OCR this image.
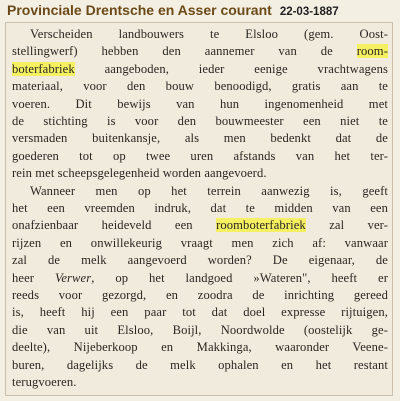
Provinciale Drentsche en Asser courant 22-03-1887
Verscheiden landbouwers te Elsloo (gem. Oost-
stellingwerf) hebben den aannemer van de room-
boterfabriek aangeboden, ieder eenige vrachtwagens
materiaal, voor den bouw benoodigd, gratis aan te
voeren. Dit bewijs van hun ingenomenheid met
de stichting is voor den bouwmeester een niet te
versmaden buitenkansje, als men bedenkt dat de
goederen tot op twee uren afstands van het ter-
rein met scheepsgelegenheid worden aangevoerd.
Wanneer men op het terrein aanwezig is, geeft
het een vreemden indruk, dat te midden van een
onafzienbaar heideveld een roomboterfabriek zal ver-
rijzen en onwillekeurig vraagt men zich af: vanwaar
zal de melk aangevoerd worden? De eigenaar, de
heer Verwer, op het landgoed »Wateren", heeft er
reeds voor gezorgd, en zoodra de inrichting gereed
is, heeft hij een paar tot dat doel expresse rijtuigen,
die van uit Elsloo, Boijl, Noordwolde (oostelijk ge-
deelte), Nijeberkoop en Makkinga, waaronder Veene-
buren, dagelijks de melk ophalen en het restant
terugvoeren.
